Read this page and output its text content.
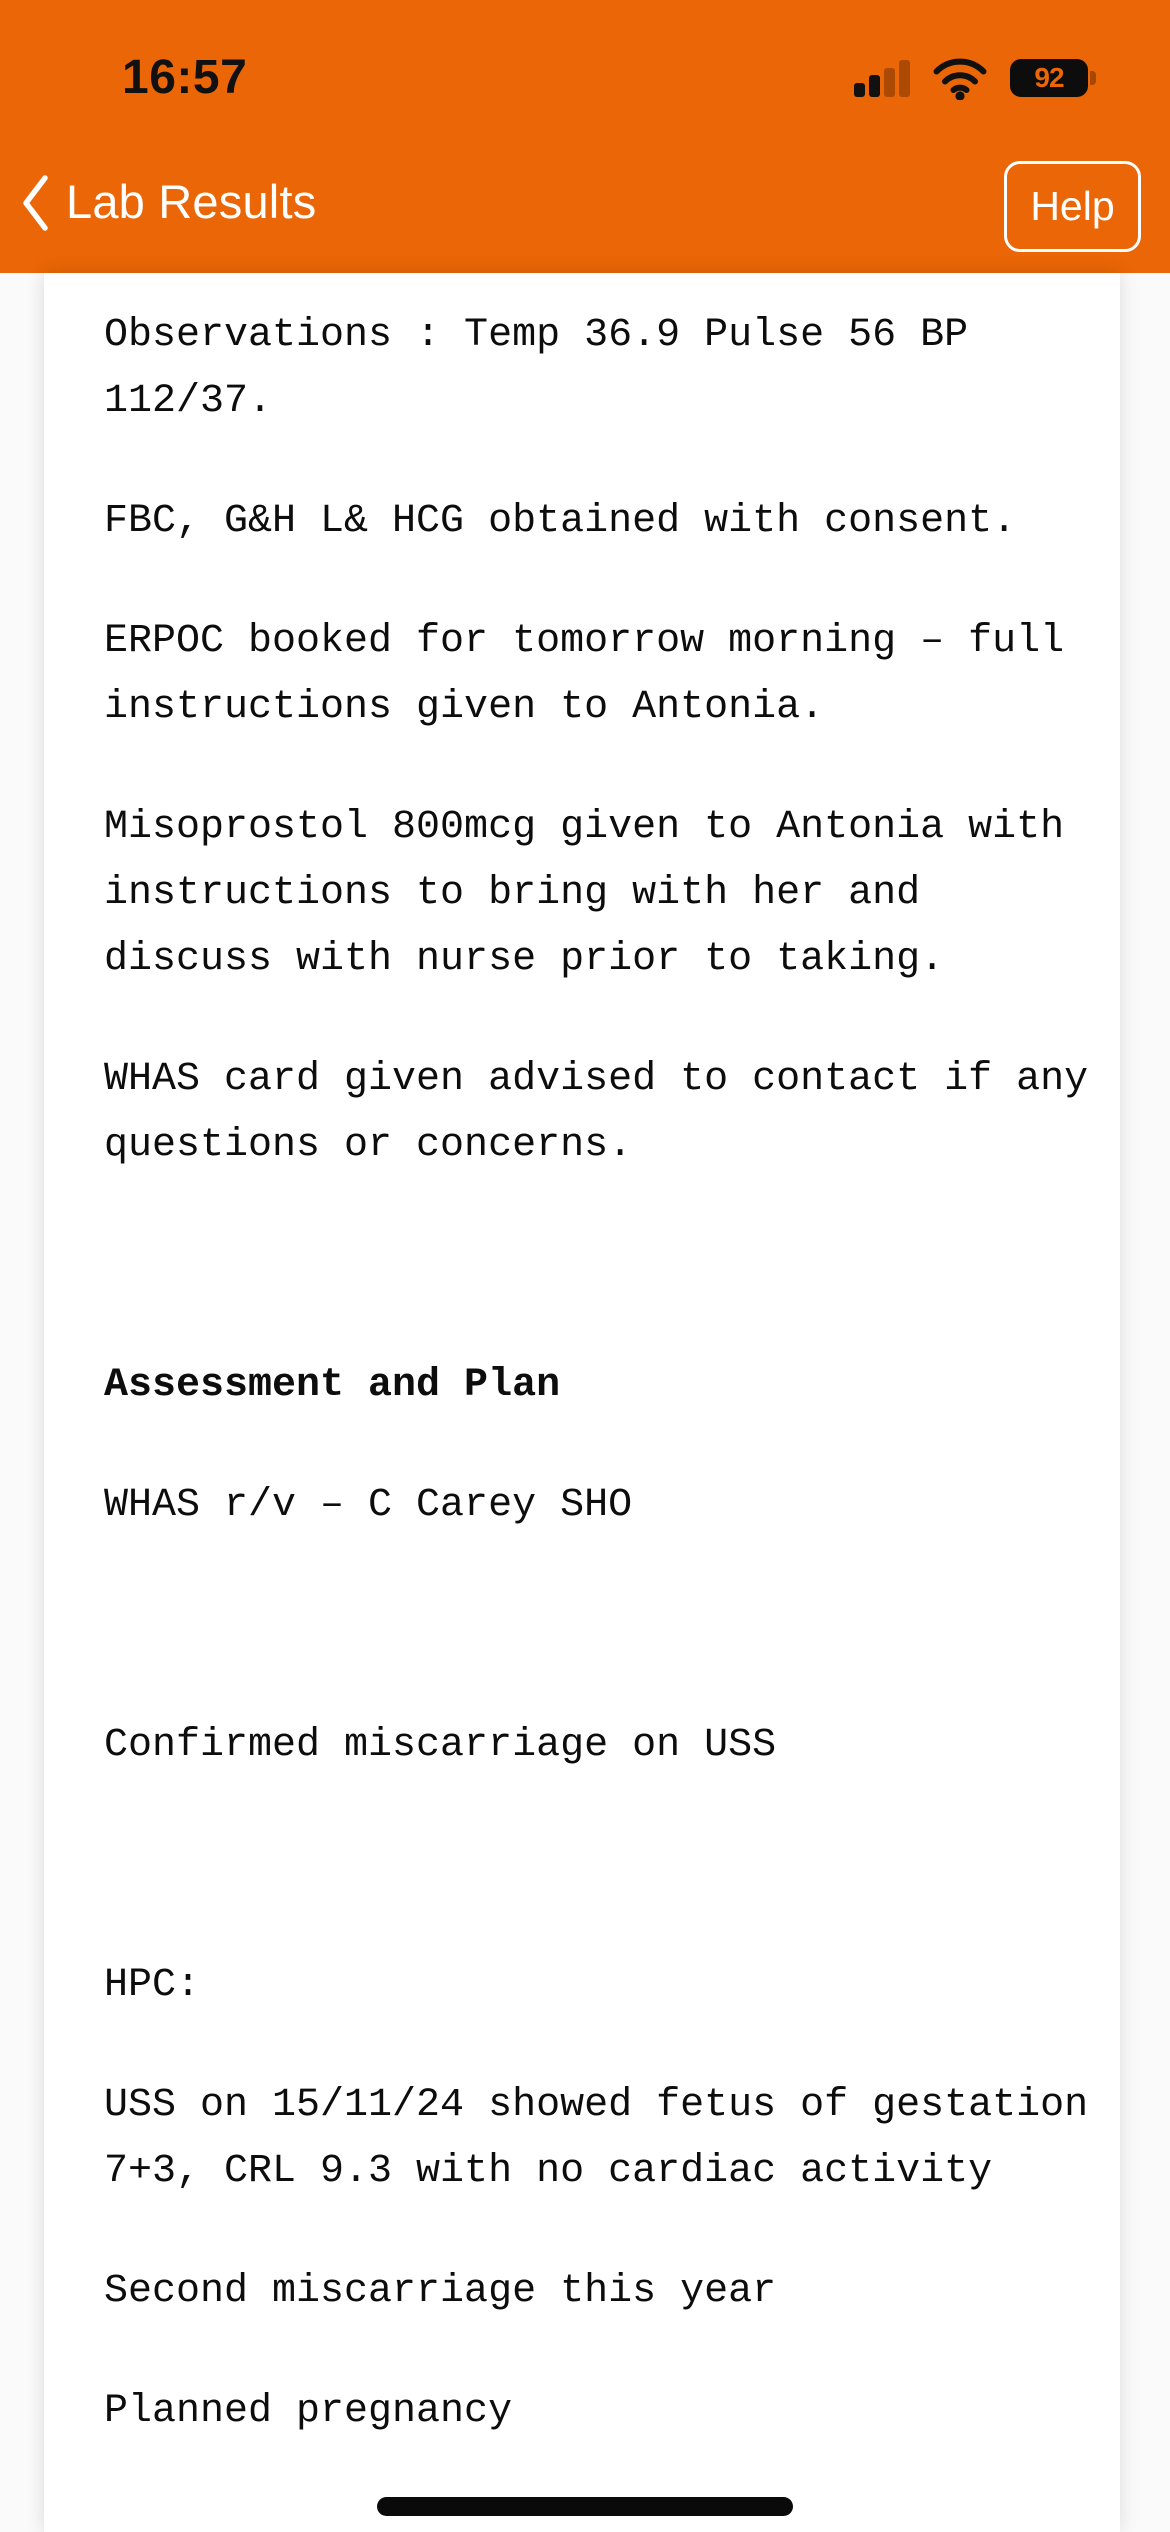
16:57	92
Lab Results	Help

Observations : Temp 36.9 Pulse 56 BP 112/37.

FBC, G&H L& HCG obtained with consent.

ERPOC booked for tomorrow morning – full instructions given to Antonia.

Misoprostol 800mcg given to Antonia with instructions to bring with her and discuss with nurse prior to taking.

WHAS card given advised to contact if any questions or concerns.

Assessment and Plan

WHAS r/v – C Carey SHO

Confirmed miscarriage on USS

HPC:

USS on 15/11/24 showed fetus of gestation 7+3, CRL 9.3 with no cardiac activity

Second miscarriage this year

Planned pregnancy
